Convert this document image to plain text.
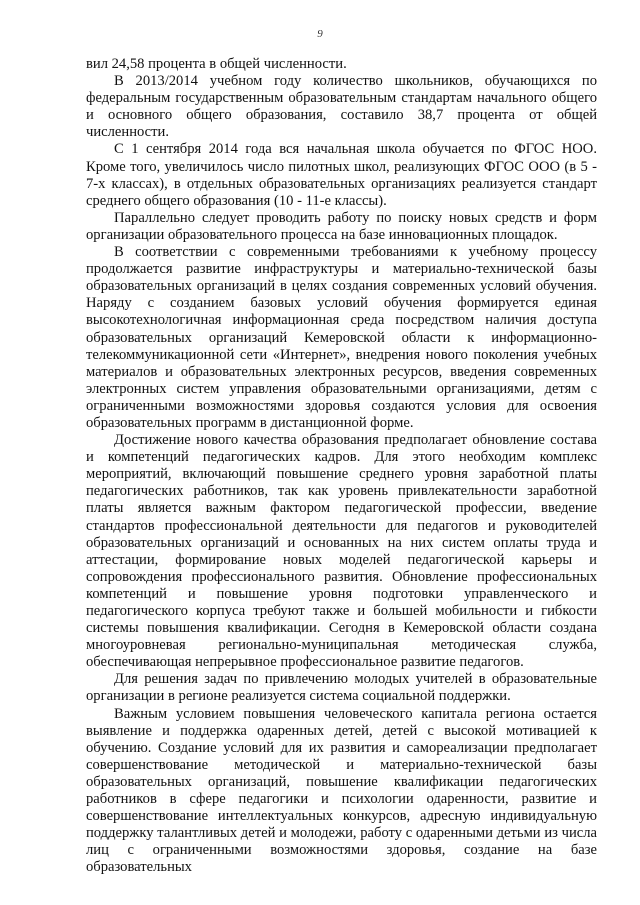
9

вил 24,58 процента в общей численности.

В 2013/2014 учебном году количество школьников, обучающихся по федеральным государственным образовательным стандартам начального общего и основного общего образования, составило 38,7 процента от общей численности.

С 1 сентября 2014 года вся начальная школа обучается по ФГОС НОО. Кроме того, увеличилось число пилотных школ, реализующих ФГОС ООО (в 5 - 7-х классах), в отдельных образовательных организациях реализуется стандарт среднего общего образования (10 - 11-е классы).

Параллельно следует проводить работу по поиску новых средств и форм организации образовательного процесса на базе инновационных площадок.

В соответствии с современными требованиями к учебному процессу продолжается развитие инфраструктуры и материально-технической базы образовательных организаций в целях создания современных условий обучения. Наряду с созданием базовых условий обучения формируется единая высокотехнологичная информационная среда посредством наличия доступа образовательных организаций Кемеровской области к информационно-телекоммуникационной сети «Интернет», внедрения нового поколения учебных материалов и образовательных электронных ресурсов, введения современных электронных систем управления образовательными организациями, детям с ограниченными возможностями здоровья создаются условия для освоения образовательных программ в дистанционной форме.

Достижение нового качества образования предполагает обновление состава и компетенций педагогических кадров. Для этого необходим комплекс мероприятий, включающий повышение среднего уровня заработной платы педагогических работников, так как уровень привлекательности заработной платы является важным фактором педагогической профессии, введение стандартов профессиональной деятельности для педагогов и руководителей образовательных организаций и основанных на них систем оплаты труда и аттестации, формирование новых моделей педагогической карьеры и сопровождения профессионального развития. Обновление профессиональных компетенций и повышение уровня подготовки управленческого и педагогического корпуса требуют также и большей мобильности и гибкости системы повышения квалификации. Сегодня в Кемеровской области создана многоуровневая регионально-муниципальная методическая служба, обеспечивающая непрерывное профессиональное развитие педагогов.

Для решения задач по привлечению молодых учителей в образовательные организации в регионе реализуется система социальной поддержки.

Важным условием повышения человеческого капитала региона остается выявление и поддержка одаренных детей, детей с высокой мотивацией к обучению. Создание условий для их развития и самореализации предполагает совершенствование методической и материально-технической базы образовательных организаций, повышение квалификации педагогических работников в сфере педагогики и психологии одаренности, развитие и совершенствование интеллектуальных конкурсов, адресную индивидуальную поддержку талантливых детей и молодежи, работу с одаренными детьми из числа лиц с ограниченными возможностями здоровья, создание на базе образовательных
